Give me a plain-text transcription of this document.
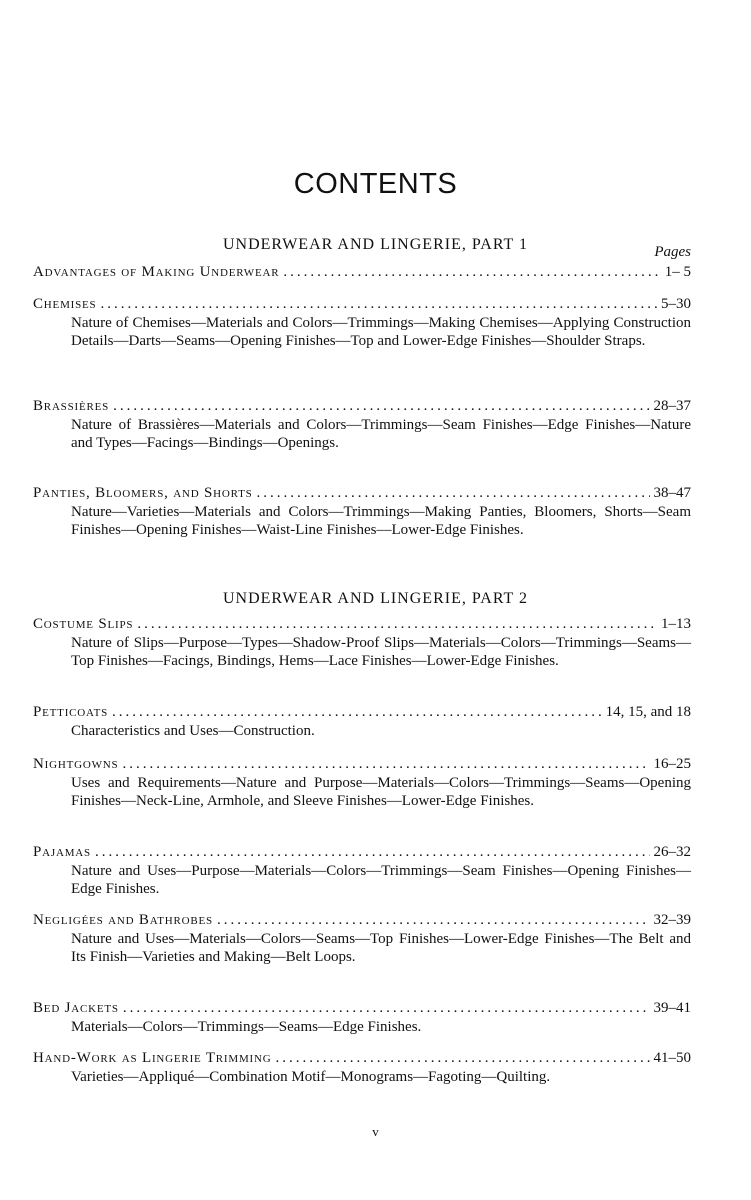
CONTENTS
UNDERWEAR AND LINGERIE, PART 1	Pages
Advantages of Making Underwear .....	1– 5
Chemises .....	5–30
Nature of Chemises—Materials and Colors—Trimmings—Making Chemises—Applying Construction Details—Darts—Seams—Opening Finishes—Top and Lower-Edge Finishes—Shoulder Straps.
Brassières .....	28–37
Nature of Brassières—Materials and Colors—Trimmings—Seam Finishes—Edge Finishes—Nature and Types—Facings—Bindings—Openings.
Panties, Bloomers, and Shorts .....	38–47
Nature—Varieties—Materials and Colors—Trimmings—Making Panties, Bloomers, Shorts—Seam Finishes—Opening Finishes—Waist-Line Finishes—Lower-Edge Finishes.
UNDERWEAR AND LINGERIE, PART 2
Costume Slips .....	1–13
Nature of Slips—Purpose—Types—Shadow-Proof Slips—Materials—Colors—Trimmings—Seams—Top Finishes—Facings, Bindings, Hems—Lace Finishes—Lower-Edge Finishes.
Petticoats .....	14, 15, and 18
Characteristics and Uses—Construction.
Nightgowns .....	16–25
Uses and Requirements—Nature and Purpose—Materials—Colors—Trimmings—Seams—Opening Finishes—Neck-Line, Armhole, and Sleeve Finishes—Lower-Edge Finishes.
Pajamas .....	26–32
Nature and Uses—Purpose—Materials—Colors—Trimmings—Seam Finishes—Opening Finishes—Edge Finishes.
Negligées and Bathrobes .....	32–39
Nature and Uses—Materials—Colors—Seams—Top Finishes—Lower-Edge Finishes—The Belt and Its Finish—Varieties and Making—Belt Loops.
Bed Jackets .....	39–41
Materials—Colors—Trimmings—Seams—Edge Finishes.
Hand-Work as Lingerie Trimming .....	41–50
Varieties—Appliqué—Combination Motif—Monograms—Fagoting—Quilting.
v
